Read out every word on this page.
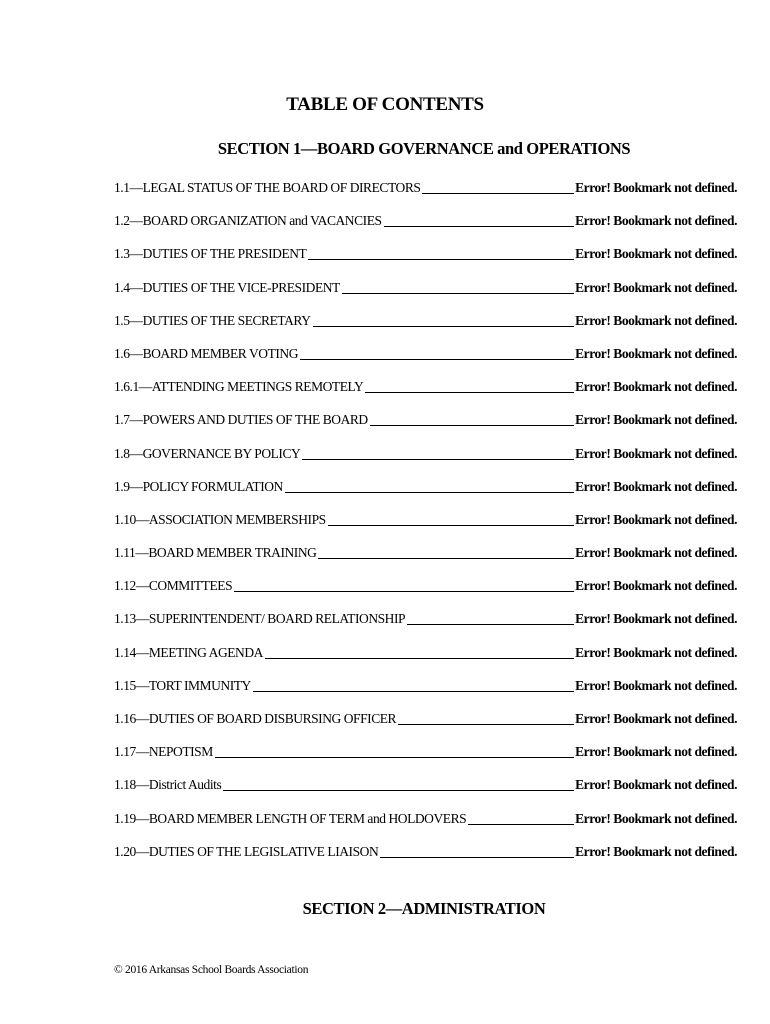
TABLE OF CONTENTS
SECTION 1—BOARD GOVERNANCE and OPERATIONS
1.1—LEGAL STATUS OF THE BOARD OF DIRECTORS	Error! Bookmark not defined.
1.2—BOARD ORGANIZATION and VACANCIES	Error! Bookmark not defined.
1.3—DUTIES OF THE PRESIDENT	Error! Bookmark not defined.
1.4—DUTIES OF THE VICE-PRESIDENT	Error! Bookmark not defined.
1.5—DUTIES OF THE SECRETARY	Error! Bookmark not defined.
1.6—BOARD MEMBER VOTING	Error! Bookmark not defined.
1.6.1—ATTENDING MEETINGS REMOTELY	Error! Bookmark not defined.
1.7—POWERS AND DUTIES OF THE BOARD	Error! Bookmark not defined.
1.8—GOVERNANCE BY POLICY	Error! Bookmark not defined.
1.9—POLICY FORMULATION	Error! Bookmark not defined.
1.10—ASSOCIATION MEMBERSHIPS	Error! Bookmark not defined.
1.11—BOARD MEMBER TRAINING	Error! Bookmark not defined.
1.12—COMMITTEES	Error! Bookmark not defined.
1.13—SUPERINTENDENT/ BOARD RELATIONSHIP	Error! Bookmark not defined.
1.14—MEETING AGENDA	Error! Bookmark not defined.
1.15—TORT IMMUNITY	Error! Bookmark not defined.
1.16—DUTIES OF BOARD DISBURSING OFFICER	Error! Bookmark not defined.
1.17—NEPOTISM	Error! Bookmark not defined.
1.18—District Audits	Error! Bookmark not defined.
1.19—BOARD MEMBER LENGTH OF TERM and HOLDOVERS	Error! Bookmark not defined.
1.20—DUTIES OF THE LEGISLATIVE LIAISON	Error! Bookmark not defined.
SECTION 2—ADMINISTRATION
© 2016 Arkansas School Boards Association
